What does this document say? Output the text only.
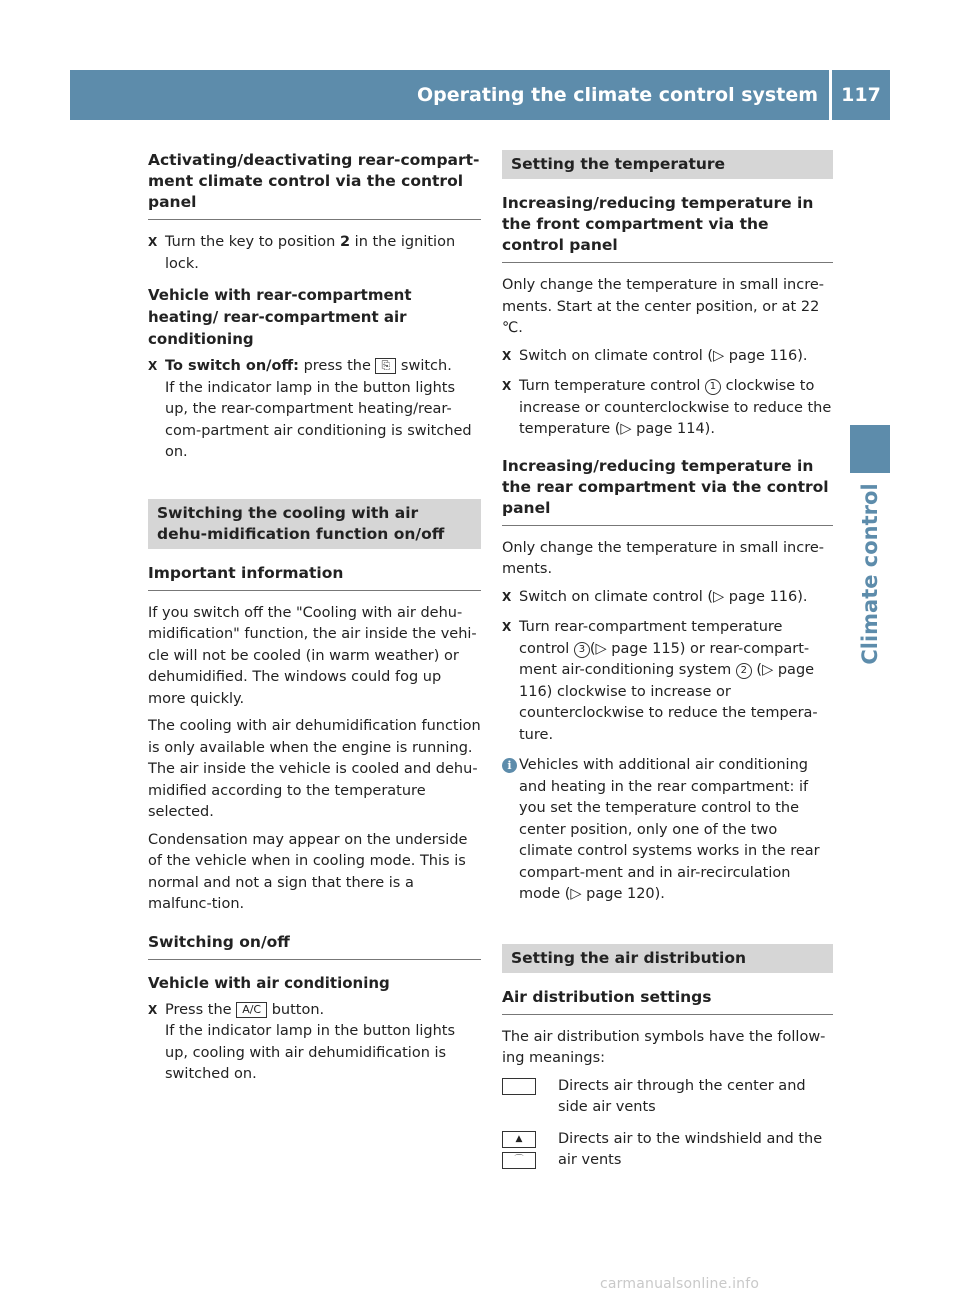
Operating the climate control system 117
Climate control
Activating/deactivating rear-compart-ment climate control via the control panel
X Turn the key to position 2 in the ignition lock.
Vehicle with rear-compartment heating/ rear-compartment air conditioning
X To switch on/off: press the ⎘ switch.
If the indicator lamp in the button lights up, the rear-compartment heating/rear-com-partment air conditioning is switched on.
Switching the cooling with air dehu-midification function on/off
Important information
If you switch off the "Cooling with air dehu-midification" function, the air inside the vehi-cle will not be cooled (in warm weather) or dehumidified. The windows could fog up more quickly.
The cooling with air dehumidification function is only available when the engine is running. The air inside the vehicle is cooled and dehu-midified according to the temperature selected.
Condensation may appear on the underside of the vehicle when in cooling mode. This is normal and not a sign that there is a malfunc-tion.
Switching on/off
Vehicle with air conditioning
X Press the A/C button.
If the indicator lamp in the button lights up, cooling with air dehumidification is switched on.
Setting the temperature
Increasing/reducing temperature in the front compartment via the control panel
Only change the temperature in small incre-ments. Start at the center position, or at 22 ℃.
X Switch on climate control (▷ page 116).
X Turn temperature control 1 clockwise to increase or counterclockwise to reduce the temperature (▷ page 114).
Increasing/reducing temperature in the rear compartment via the control panel
Only change the temperature in small incre-ments.
X Switch on climate control (▷ page 116).
X Turn rear-compartment temperature control 3 (▷ page 115) or rear-compart-ment air-conditioning system 2 (▷ page 116) clockwise to increase or counterclockwise to reduce the tempera-ture.
i Vehicles with additional air conditioning and heating in the rear compartment: if you set the temperature control to the center position, only one of the two climate control systems works in the rear compart-ment and in air-recirculation mode (▷ page 120).
Setting the air distribution
Air distribution settings
The air distribution symbols have the follow-ing meanings:
Directs air through the center and side air vents
▲
⌒
Directs air to the windshield and the air vents
carmanualsonline.info
